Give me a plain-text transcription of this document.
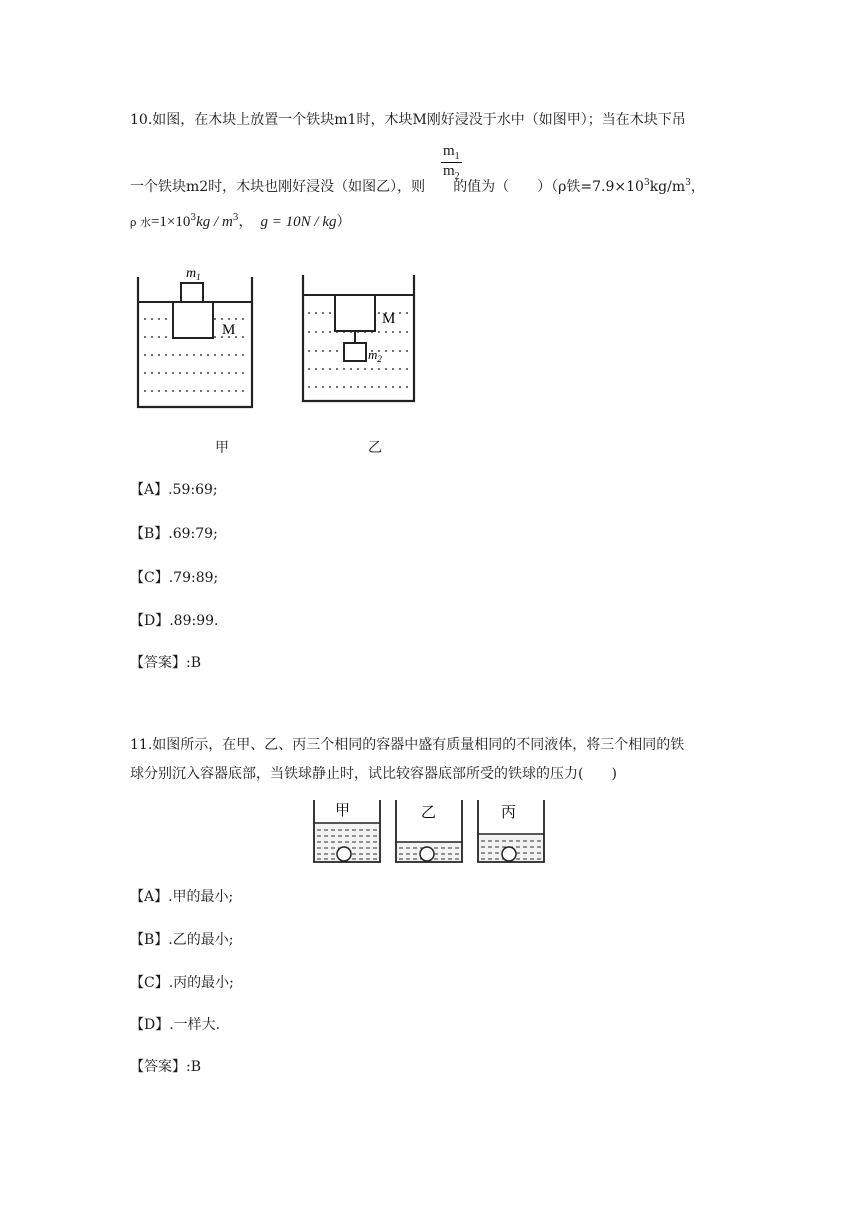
10.如图，在木块上放置一个铁块m1时，木块M刚好浸没于水中（如图甲）；当在木块下吊
$\frac{m_1}{m_2}$
一个铁块m2时，木块也刚好浸没（如图乙），则 的值为（　　）（ρ铁$=7.9\times 10^3kg/m^3$，
ρ 水$=1\times 10^3kg / m^3$， g = 10N / kg）
$m_1$
M
M
$m_2$
甲	乙
【A】.59:69;
【B】.69:79;
【C】.79:89;
【D】.89:99.
【答案】:B
11.如图所示，在甲、乙、丙三个相同的容器中盛有质量相同的不同液体，将三个相同的铁
球分别沉入容器底部，当铁球静止时，试比较容器底部所受的铁球的压力(　　)
甲	乙	丙
【A】.甲的最小;
【B】.乙的最小;
【C】.丙的最小;
【D】.一样大.
【答案】:B
